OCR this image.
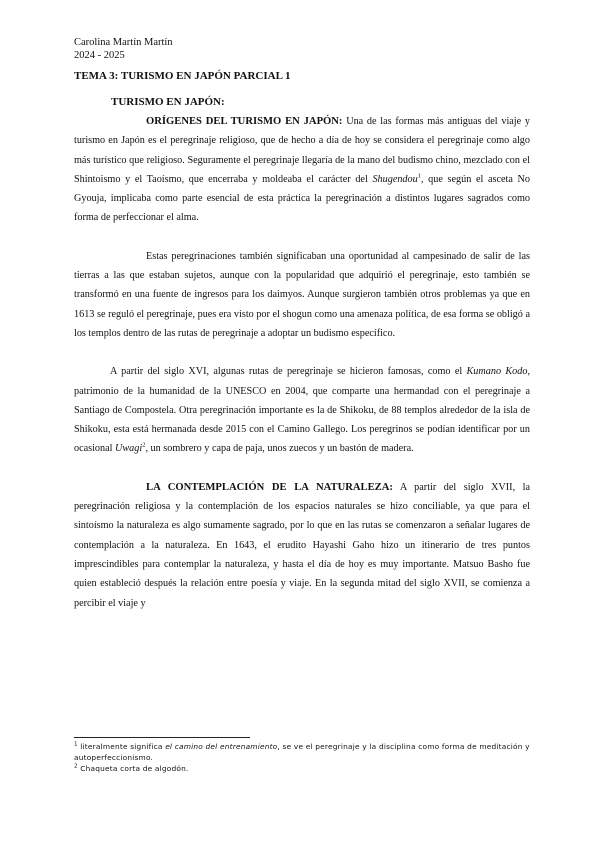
Carolina Martín Martín
2024 - 2025
TEMA 3: TURISMO EN JAPÓN PARCIAL 1
TURISMO EN JAPÓN:

ORÍGENES DEL TURISMO EN JAPÓN: Una de las formas más antiguas del viaje y turismo en Japón es el peregrinaje religioso, que de hecho a día de hoy se considera el peregrinaje como algo más turístico que religioso. Seguramente el peregrinaje llegaría de la mano del budismo chino, mezclado con el Shintoismo y el Taoísmo, que encerraba y moldeaba el carácter del Shugendou$^1$, que según el asceta No Gyouja, implicaba como parte esencial de esta práctica la peregrinación a distintos lugares sagrados como forma de perfeccionar el alma.

Estas peregrinaciones también significaban una oportunidad al campesinado de salir de las tierras a las que estaban sujetos, aunque con la popularidad que adquirió el peregrinaje, esto también se transformó en una fuente de ingresos para los daimyos. Aunque surgieron también otros problemas ya que en 1613 se reguló el peregrinaje, pues era visto por el shogun como una amenaza política, de esa forma se obligó a los templos dentro de las rutas de peregrinaje a adoptar un budismo específico.

A partir del siglo XVI, algunas rutas de peregrinaje se hicieron famosas, como el Kumano Kodo, patrimonio de la humanidad de la UNESCO en 2004, que comparte una hermandad con el peregrinaje a Santiago de Compostela. Otra peregrinación importante es la de Shikoku, de 88 templos alrededor de la isla de Shikoku, esta está hermanada desde 2015 con el Camino Gallego. Los peregrinos se podían identificar por un ocasional Uwagi$^2$, un sombrero y capa de paja, unos zuecos y un bastón de madera.

LA CONTEMPLACIÓN DE LA NATURALEZA: A partir del siglo XVII, la peregrinación religiosa y la contemplación de los espacios naturales se hizo conciliable, ya que para el sintoísmo la naturaleza es algo sumamente sagrado, por lo que en las rutas se comenzaron a señalar lugares de contemplación a la naturaleza. En 1643, el erudito Hayashi Gaho hizo un itinerario de tres puntos imprescindibles para contemplar la naturaleza, y hasta el día de hoy es muy importante. Matsuo Basho fue quien estableció después la relación entre poesía y viaje. En la segunda mitad del siglo XVII, se comienza a percibir el viaje y

$^1$ literalmente significa el camino del entrenamiento, se ve el peregrinaje y la disciplina como forma de meditación y autoperfeccionismo.
$^2$ Chaqueta corta de algodón.
